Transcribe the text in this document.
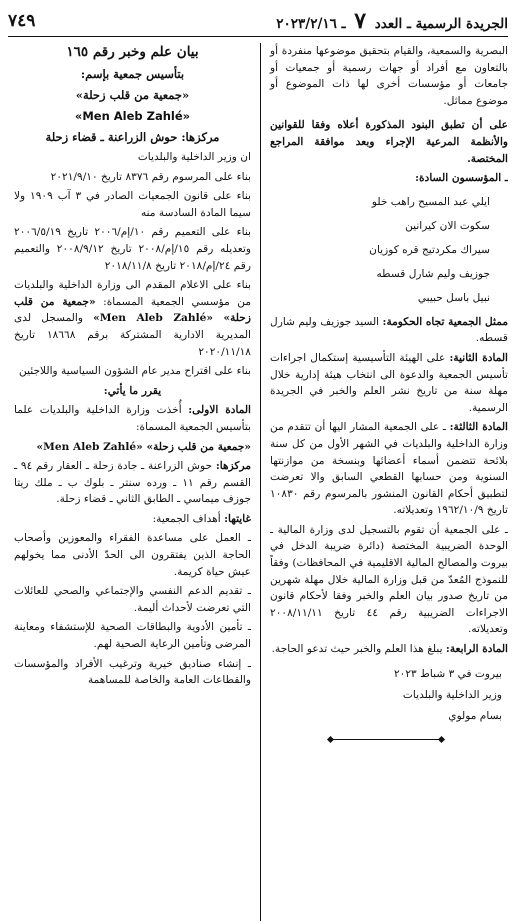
الجريدة الرسمية ـ العدد ٧ ـ ٢٠٢٣/٢/١٦
٧٤٩

البصرية والسمعية، والقيام بتحقيق موضوعها منفردة أو بالتعاون مع أفراد أو جهات رسمية أو جمعيات أو جامعات أو مؤسسات أخرى لها ذات الموضوع أو موضوع مماثل.

على أن تطبق البنود المذكورة أعلاه وفقا للقوانين والأنظمة المرعية الإجراء وبعد موافقة المراجع المختصة.

ـ المؤسسون السادة:

ايلي عبد المسيح راهب خلو
سكوت الان كيرانين
سيراك مكردتيج قره كوزيان
جوزيف وليم شارل قسطه
نبيل باسل حبيبي

ممثل الجمعية تجاه الحكومة: السيد جوزيف وليم شارل قسطه.

المادة الثانية: على الهيئة التأسيسية إستكمال اجراءات تأسيس الجمعية والدعوة الى انتخاب هيئة إدارية خلال مهلة سنة من تاريخ نشر العلم والخبر في الجريدة الرسمية.

المادة الثالثة: ـ على الجمعية المشار اليها أن تتقدم من وزارة الداخلية والبلديات في الشهر الأول من كل سنة بلائحة تتضمن أسماء أعضائها وبنسخة من موازنتها السنوية ومن حسابها القطعي السابق والا تعرضت لتطبيق أحكام القانون المنشور بالمرسوم رقم ١٠٨٣٠ تاريخ ١٩٦٢/١٠/٩ وتعديلاته.

ـ على الجمعية أن تقوم بالتسجيل لدى وزارة المالية ـ الوحدة الضريبية المختصة (دائرة ضريبة الدخل في بيروت والمصالح المالية الاقليمية في المحافظات) وفقاً للنموذج المُعدّ من قبل وزارة المالية خلال مهلة شهرين من تاريخ صدور بيان العلم والخبر وفقا لأحكام قانون الاجراءات الضريبية رقم ٤٤ تاريخ ٢٠٠٨/١١/١١ وتعديلاته.

المادة الرابعة: يبلغ هذا العلم والخبر حيث تدعو الحاجة.

بيروت في ٣ شباط ٢٠٢٣

وزير الداخلية والبلديات

بسام مولوي

بيان علم وخبر رقم ١٦٥

بتأسيس جمعية بإسم:

«جمعية من قلب زحلة»

«Men Aleb Zahlé»

مركزها: حوش الزراعنة ـ قضاء زحلة

ان وزير الداخلية والبلديات

بناء على المرسوم رقم ٨٣٧٦ تاريخ ٢٠٢١/٩/١٠

بناء على قانون الجمعيات الصادر في ٣ آب ١٩٠٩ ولا سيما المادة السادسة منه

بناء على التعميم رقم ١٠/إم/٢٠٠٦ تاريخ ٢٠٠٦/٥/١٩ وتعديله رقم ١٥/إم/٢٠٠٨ تاريخ ٢٠٠٨/٩/١٢ والتعميم رقم ٢٤/إم/٢٠١٨ تاريخ ٢٠١٨/١١/٨

بناء على الاعلام المقدم الى وزارة الداخلية والبلديات من مؤسسي الجمعية المسماة: «جمعية من قلب زحلة» «Men Aleb Zahlé» والمسجل لدى المديرية الادارية المشتركة برقم ١٨٦٦٨ تاريخ ٢٠٢٠/١١/١٨

بناء على اقتراح مدير عام الشؤون السياسية واللاجئين

يقرر ما يأتي:

المادة الاولى: أُخذت وزارة الداخلية والبلديات علما بتأسيس الجمعية المسماة:

«جمعية من قلب زحلة» «Men Aleb Zahlé»

مركزها: حوش الزراعنة ـ جادة زحلة ـ العقار رقم ٩٤ ـ القسم رقم ١١ ـ ورده سنتر ـ بلوك ب ـ ملك ريتا جوزف ميماسي ـ الطابق الثاني ـ قضاء زحلة.

غايتها: أهداف الجمعية:

ـ العمل على مساعدة الفقراء والمعوزين وأصحاب الحاجة الذين يفتقرون الى الحدّ الأدنى مما يخولهم عيش حياة كريمة.

ـ تقديم الدعم النفسي والإجتماعي والصحي للعائلات التي تعرضت لأحداث أليمة.

ـ تأمين الأدوية والبطاقات الصحية للإستشفاء ومعاينة المرضى وتأمين الرعاية الصحية لهم.

ـ إنشاء صناديق خيرية وترغيب الأفراد والمؤسسات والقطاعات العامة والخاصة للمساهمة
